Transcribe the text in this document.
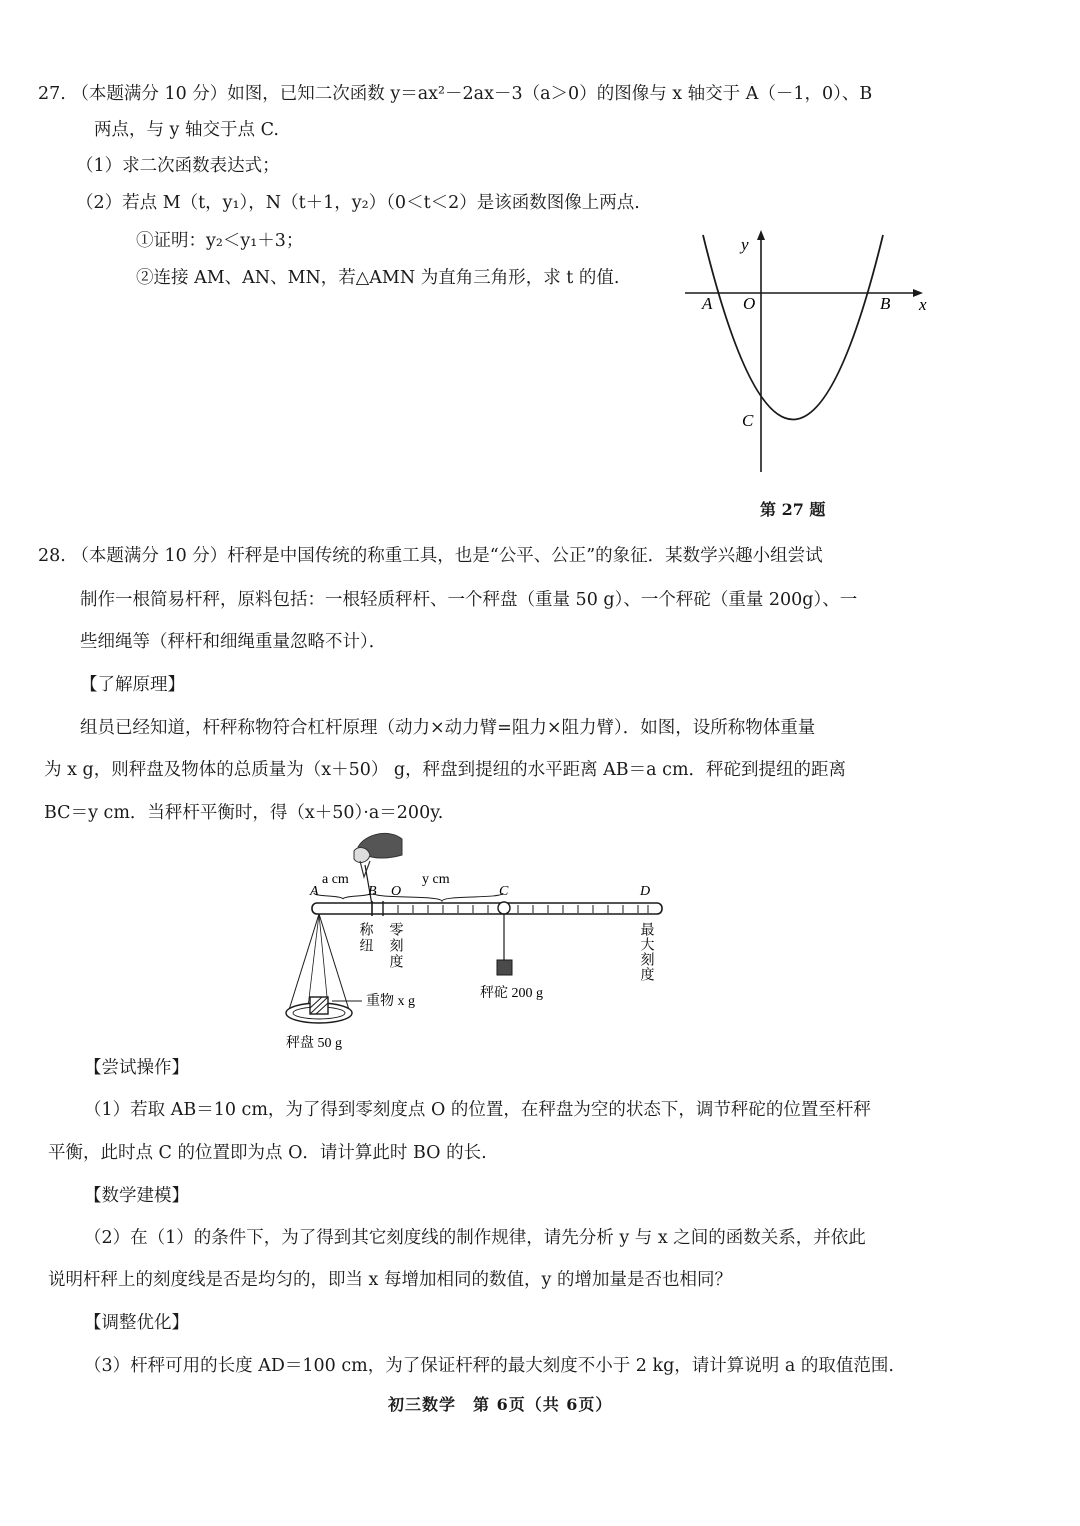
27. （本题满分 10 分）如图，已知二次函数 y＝ax²－2ax－3（a＞0）的图像与 x 轴交于 A（－1，0）、B
两点，与 y 轴交于点 C.
（1）求二次函数表达式；
（2）若点 M（t，y₁），N（t＋1，y₂）（0＜t＜2）是该函数图像上两点.
①证明：y₂＜y₁＋3；
②连接 AM、AN、MN，若△AMN 为直角三角形，求 t 的值.
y
x
A O	B
C
第 27 题
28. （本题满分 10 分）杆秤是中国传统的称重工具，也是“公平、公正”的象征．某数学兴趣小组尝试
制作一根简易杆秤，原料包括：一根轻质秤杆、一个秤盘（重量 50 g）、一个秤砣（重量 200g）、一
些细绳等（秤杆和细绳重量忽略不计）．
【了解原理】
组员已经知道，杆秤称物符合杠杆原理（动力×动力臂=阻力×阻力臂）．如图，设所称物体重量
为 x g，则秤盘及物体的总质量为（x＋50） g，秤盘到提纽的水平距离 AB＝a cm．秤砣到提纽的距离
BC＝y cm．当秤杆平衡时，得（x＋50）·a＝200y.
A
a cm
B O
y cm
C	D
秤砣 200 g
重物 x g
秤盘 50 g
称纽 零刻度	最大刻度
【尝试操作】
（1）若取 AB＝10 cm，为了得到零刻度点 O 的位置，在秤盘为空的状态下，调节秤砣的位置至杆秤
平衡，此时点 C 的位置即为点 O．请计算此时 BO 的长.
【数学建模】
（2）在（1）的条件下，为了得到其它刻度线的制作规律，请先分析 y 与 x 之间的函数关系，并依此
说明杆秤上的刻度线是否是均匀的，即当 x 每增加相同的数值，y 的增加量是否也相同？
【调整优化】
（3）杆秤可用的长度 AD＝100 cm，为了保证杆秤的最大刻度不小于 2 kg，请计算说明 a 的取值范围.
初三数学　第 6页（共 6页）
